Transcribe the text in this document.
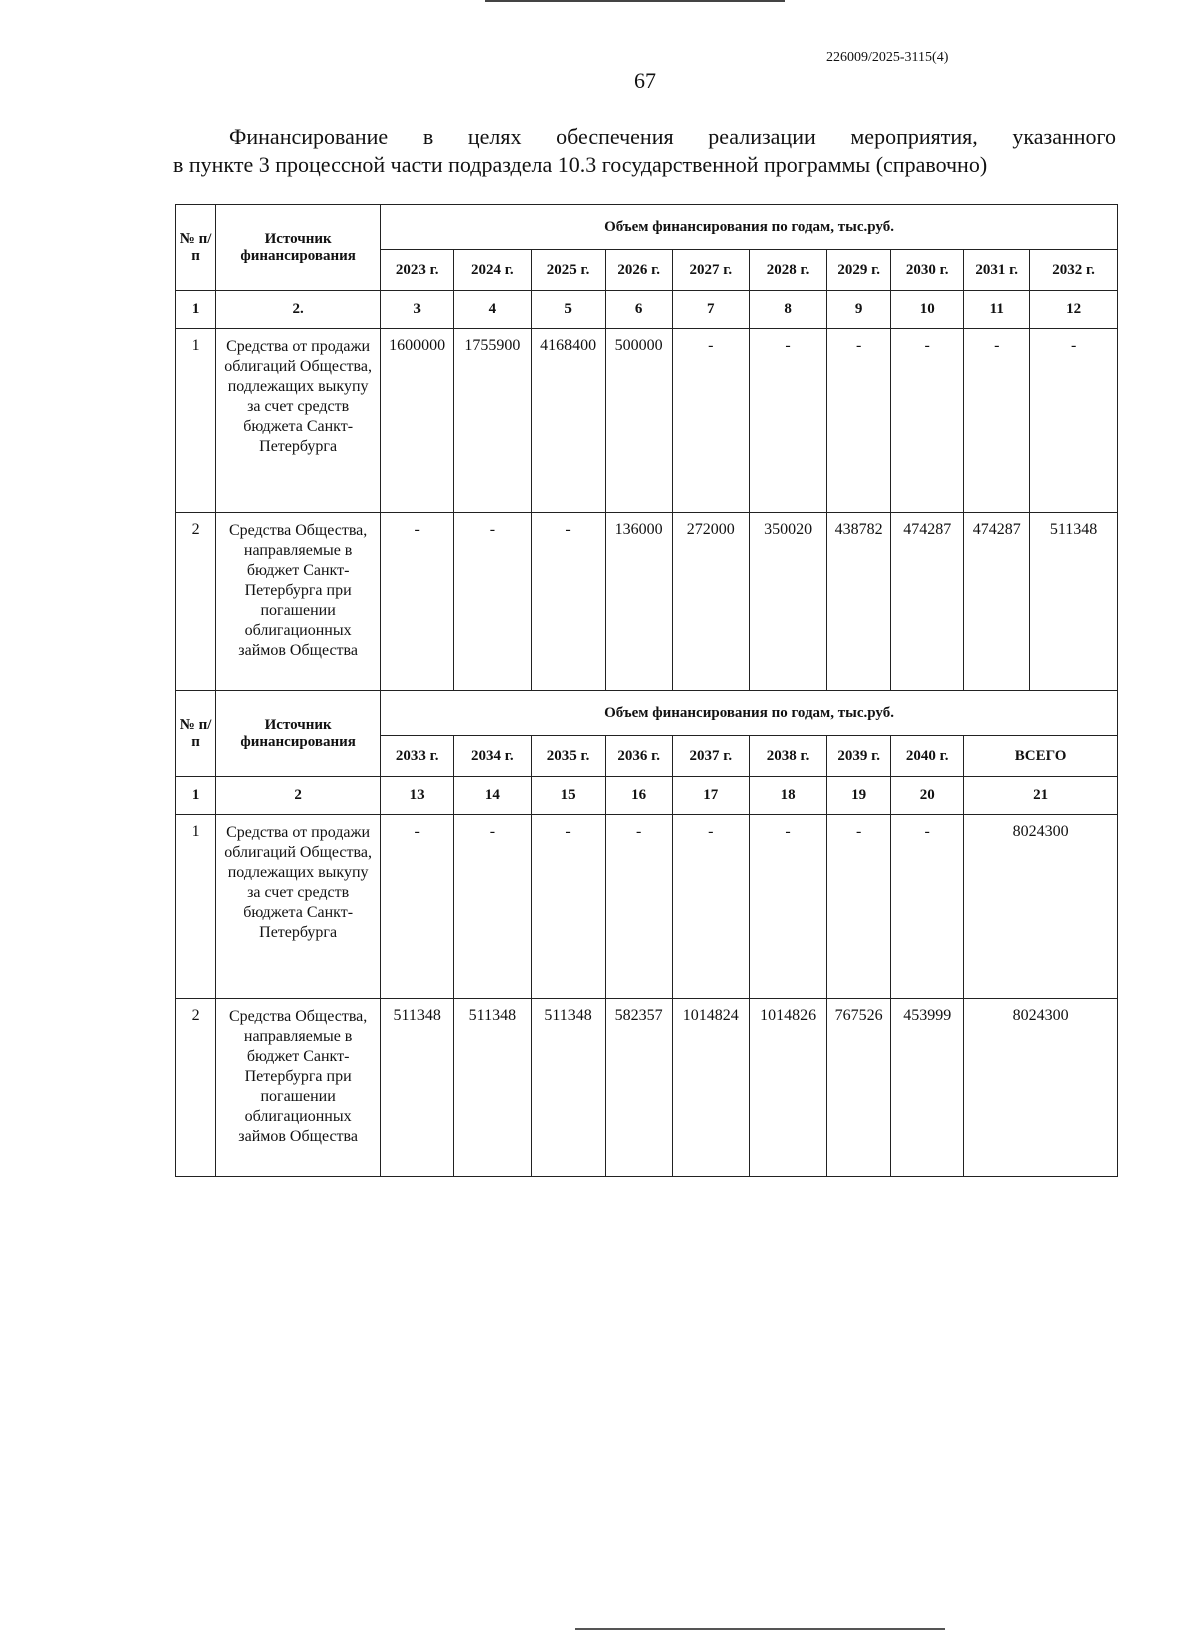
226009/2025-3115(4)
67
Финансирование в целях обеспечения реализации мероприятия, указанного
в пункте 3 процессной части подраздела 10.3 государственной программы (справочно)
№ п/п	Источник финансирования	Объем финансирования по годам, тыс.руб.									
		2023 г.	2024 г.	2025 г.	2026 г.	2027 г.	2028 г.	2029 г.	2030 г.	2031 г.	2032 г.
1	2.	3	4	5	6	7	8	9	10	11	12
1	Средства от продажи облигаций Общества, подлежащих выкупу за счет средств бюджета Санкт-Петербурга	1600000	1755900	4168400	500000	-	-	-	-	-	-
2	Средства Общества, направляемые в бюджет Санкт-Петербурга при погашении облигационных займов Общества	-	-	-	136000	272000	350020	438782	474287	474287	511348
№ п/п	Источник финансирования	Объем финансирования по годам, тыс.руб.									
		2033 г.	2034 г.	2035 г.	2036 г.	2037 г.	2038 г.	2039 г.	2040 г.	ВСЕГО	
1	2	13	14	15	16	17	18	19	20	21	
1	Средства от продажи облигаций Общества, подлежащих выкупу за счет средств бюджета Санкт-Петербурга	-	-	-	-	-	-	-	-	8024300	
2	Средства Общества, направляемые в бюджет Санкт-Петербурга при погашении облигационных займов Общества	511348	511348	511348	582357	1014824	1014826	767526	453999	8024300	
